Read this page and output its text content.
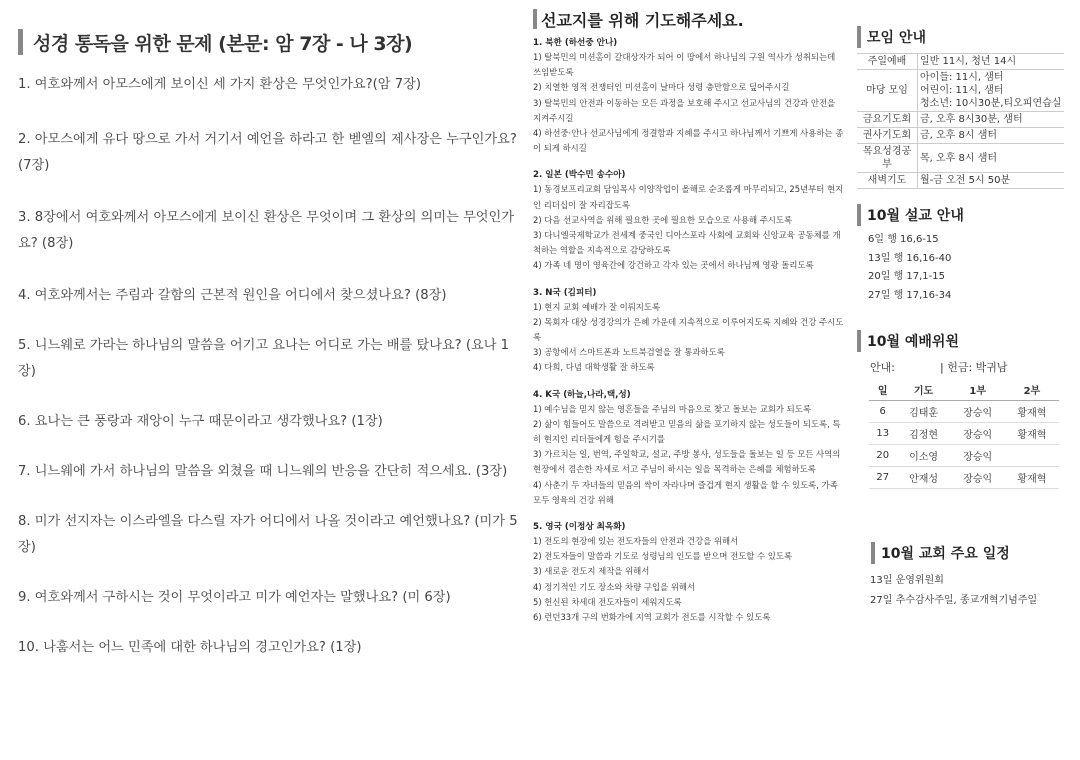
성경 통독을 위한 문제 (본문: 암 7장 - 나 3장)
1. 여호와께서 아모스에게 보이신 세 가지 환상은 무엇인가요?(암 7장)
2. 아모스에게 유다 땅으로 가서 거기서 예언을 하라고 한 벧엘의 제사장은 누구인가요? (7장)
3. 8장에서 여호와께서 아모스에게 보이신 환상은 무엇이며 그 환상의 의미는 무엇인가요? (8장)
4. 여호와께서는 주림과 갈함의 근본적 원인을 어디에서 찾으셨나요? (8장)
5. 니느웨로 가라는 하나님의 말씀을 어기고 요나는 어디로 가는 배를 탔나요? (요나 1장)
6. 요나는 큰 풍랑과 재앙이 누구 때문이라고 생각했나요? (1장)
7. 니느웨에 가서 하나님의 말씀을 외쳤을 때 니느웨의 반응을 간단히 적으세요. (3장)
8. 미가 선지자는 이스라엘을 다스릴 자가 어디에서 나올 것이라고 예언했나요? (미가 5장)
9. 여호와께서 구하시는 것이 무엇이라고 미가 예언자는 말했나요? (미 6장)
10. 나훔서는 어느 민족에 대한 하나님의 경고인가요? (1장)
선교지를 위해 기도해주세요.
1. 북한 (하선중 안나)
1) 탈북민의 미션홈이 갈대상자가 되어 이 땅에서 하나님의 구원 역사가 성취되는데 쓰임받도록
2) 치열한 영적 전쟁터인 미션홈이 날마다 성령 충만함으로 덮어주시길
3) 탈북민의 안전과 이동하는 모든 과정을 보호해 주시고 선교사님의 건강과 안전을 지켜주시길
4) 하선중·안나 선교사님에게 정결함과 지혜를 주시고 하나님께서 기쁘게 사용하는 종이 되게 하시길
2. 일본 (박수민 송수아)
1) 동경보프리교회 담임목사 이양작업이 올해로 순조롭게 마무리되고, 25년부터 현지인 리더십이 잘 자리잡도록
2) 다음 선교사역을 위해 필요한 곳에 필요한 모습으로 사용해 주시도록
3) 다니엘국제학교가 전세계 중국인 디아스포라 사회에 교회와 신앙교육 공동체를 개척하는 역할을 지속적으로 감당하도록
4) 가족 네 명이 영육간에 강건하고 각자 있는 곳에서 하나님께 영광 돌리도록
3. N국 (김피터)
1) 현지 교회 예배가 잘 이뤄지도록
2) 목회자 대상 성경강의가 은혜 가운데 지속적으로 이루어지도록 지혜와 건강 주시도록
3) 공항에서 스마트폰과 노트북검열을 잘 통과하도록
4) 다희, 다념 대학생활 잘 하도록
4. K국 (하늘,나라,택,성)
1) 예수님을 믿지 않는 영혼들을 주님의 마음으로 찾고 돌보는 교회가 되도록
2) 삶이 힘들어도 말씀으로 격려받고 믿음의 삶을 포기하지 않는 성도들이 되도록, 특히 현지인 리더들에게 힘을 주시기를
3) 가르치는 일, 번역, 주일학교, 설교, 주방 봉사, 성도들을 돌보는 일 등 모든 사역의 현장에서 겸손한 자세로 서고 주님이 하시는 일을 목격하는 은혜를 체험하도록
4) 사춘기 두 자녀들의 믿음의 싹이 자라나며 즐겁게 현지 생활을 할 수 있도록, 가족 모두 영육의 건강 위해
5. 영국 (이정상 최옥화)
1) 전도의 현장에 있는 전도자들의 안전과 건강을 위해서
2) 전도자들이 말씀과 기도로 성령님의 인도를 받으며 전도할 수 있도록
3) 새로운 전도지 제작을 위해서
4) 정기적인 기도 장소와 차량 구입을 위해서
5) 헌신된 차세대 전도자들이 세워지도록
6) 런던33개 구의 번화가에 지역 교회가 전도를 시작할 수 있도록
모임 안내
주일예배	일반 11시, 청년 14시
마당 모임	아이들: 11시, 샘터
어린이: 11시, 샘터
청소년: 10시30분,티오피연습실
금요기도회	금, 오후 8시30분, 샘터
권사기도회	금, 오후 8시 샘터
목요성경공부	목, 오후 8시 샘터
새벽기도	월-금 오전 5시 50분
10월 설교 안내
6일 행 16,6-15
13일 행 16,16-40
20일 행 17,1-15
27일 행 17,16-34
10월 예배위원
안내:	| 헌금: 박귀남
일	기도	1부	2부
6	김태훈	장승익	황재혁
13	김정현	장승익	황재혁
20	이소영	장승익	
27	안재성	장승익	황재혁
10월 교회 주요 일정
13일 운영위원회
27일 추수감사주일, 종교개혁기념주일
